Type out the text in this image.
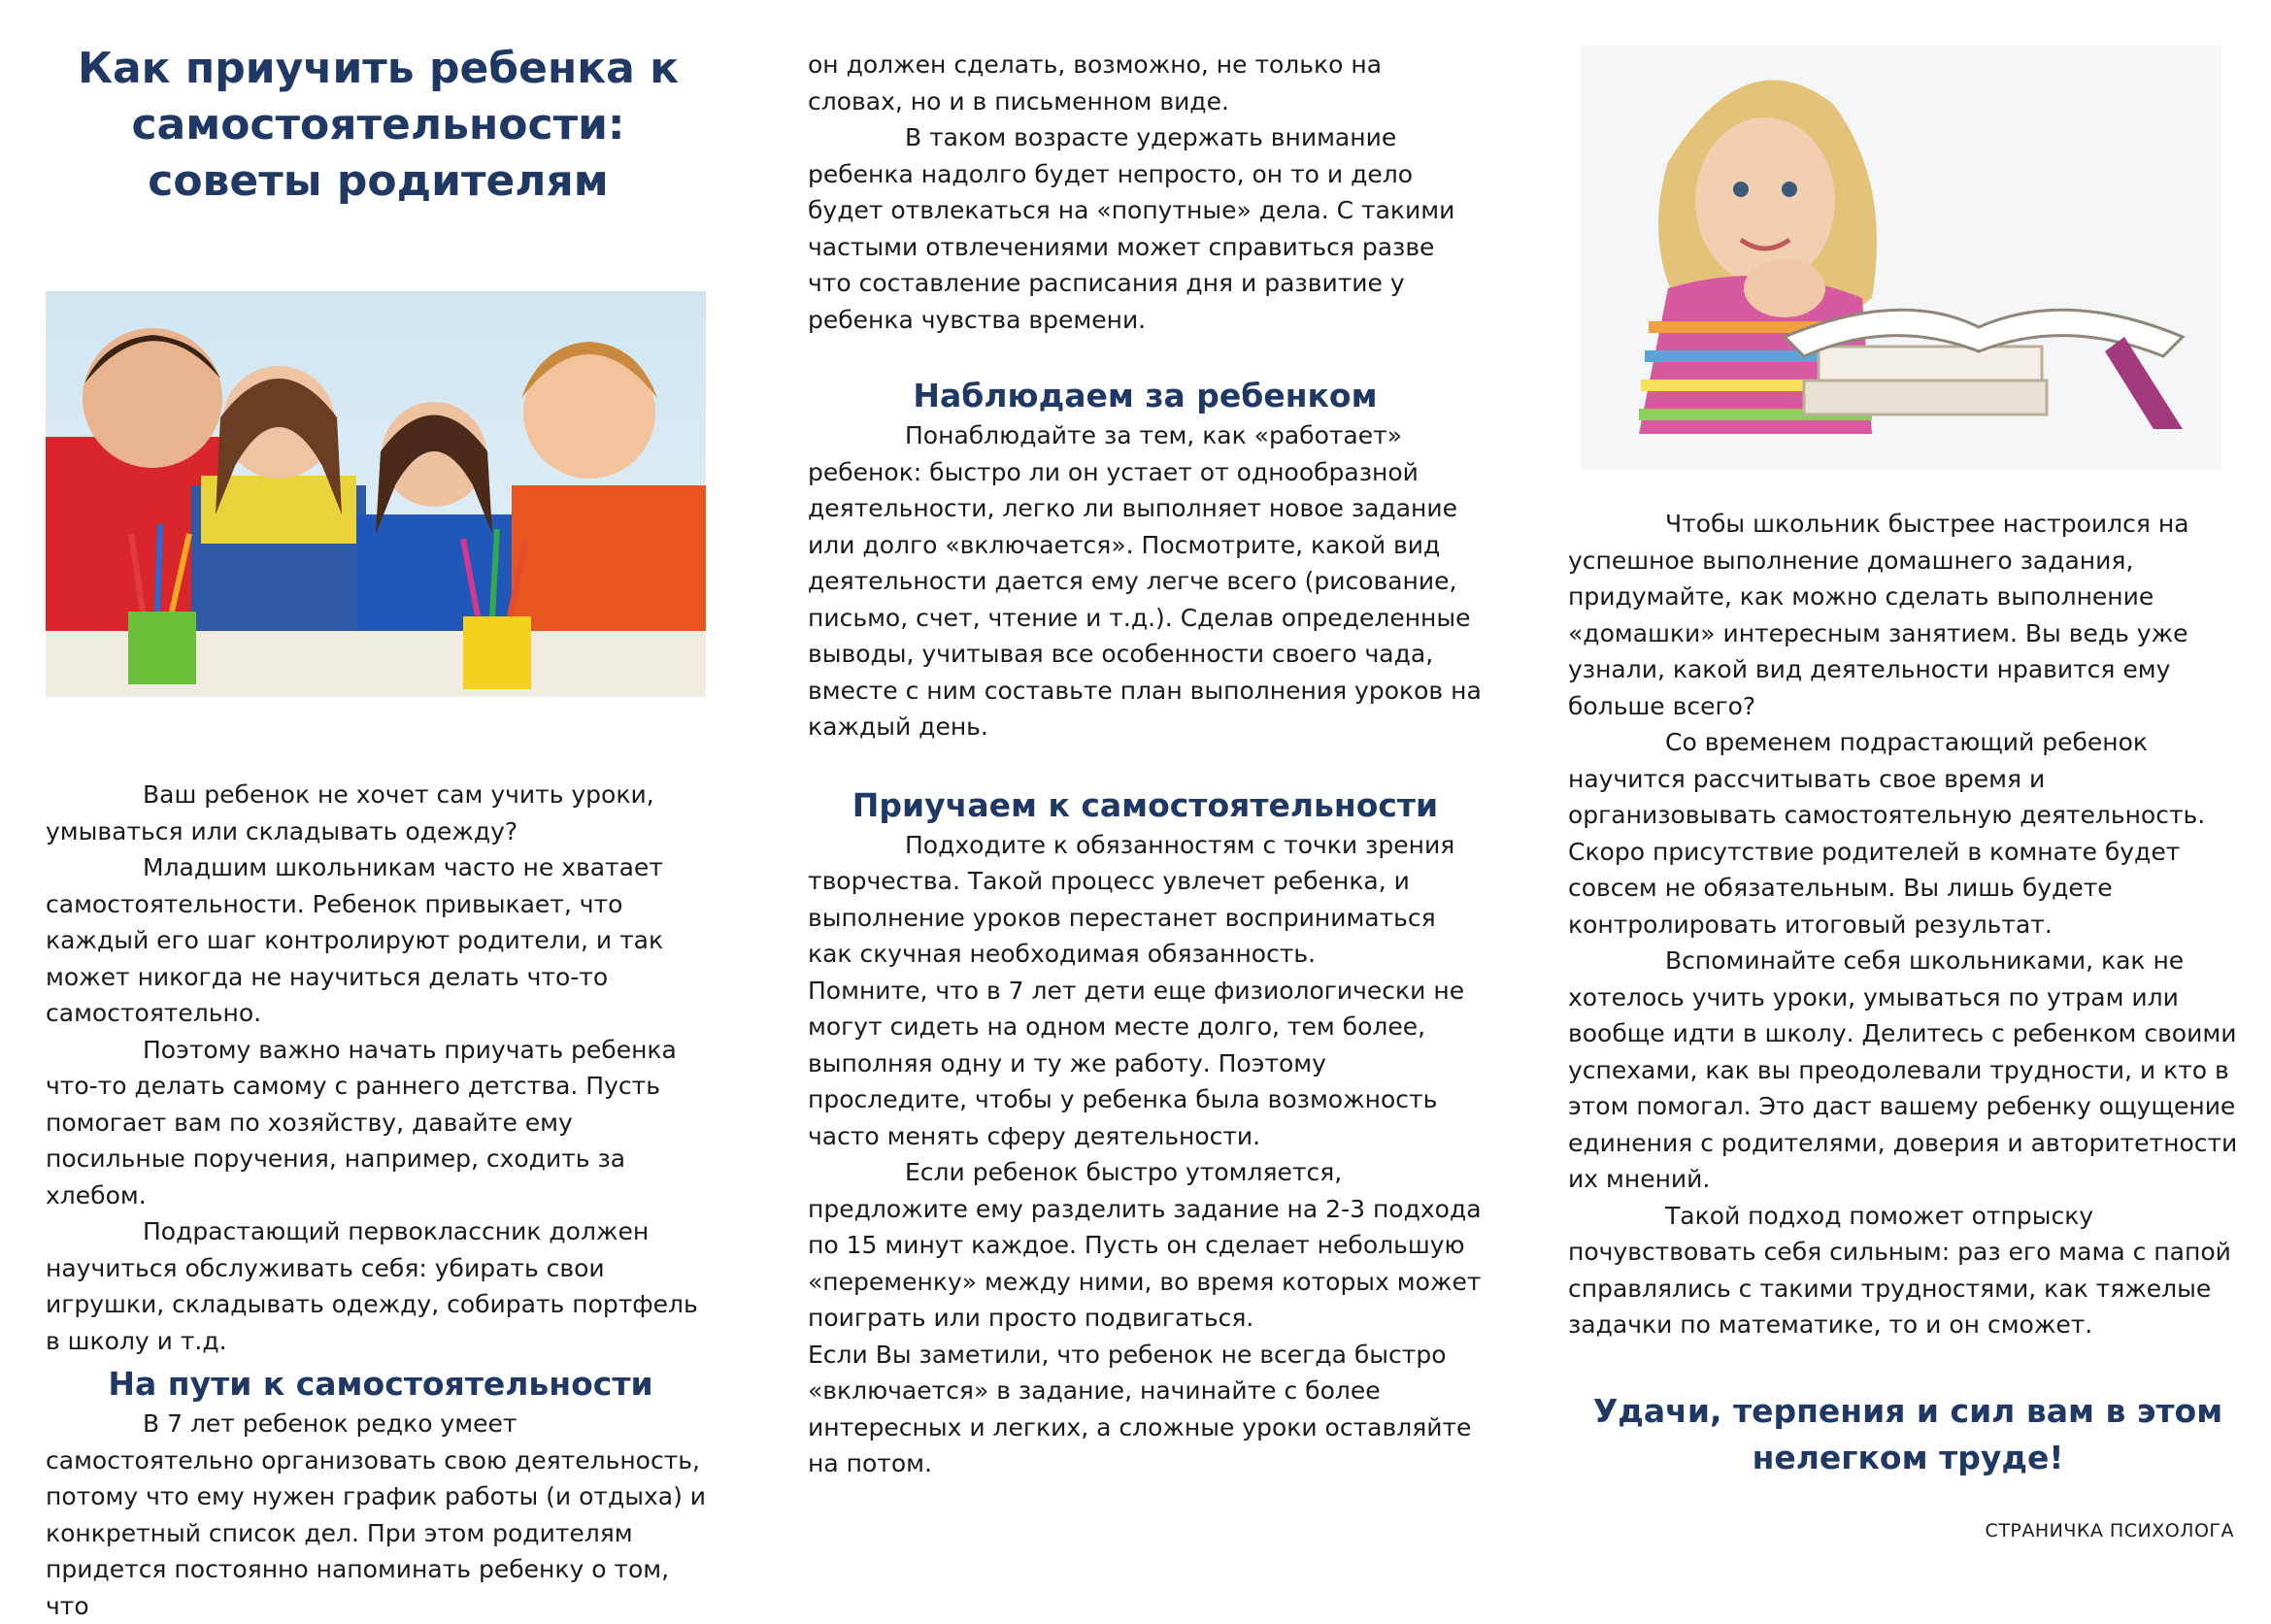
Как приучить ребенка к самостоятельности: советы родителям

Ваш ребенок не хочет сам учить уроки, умываться или складывать одежду?

Младшим школьникам часто не хватает самостоятельности. Ребенок привыкает, что каждый его шаг контролируют родители, и так может никогда не научиться делать что-то самостоятельно.

Поэтому важно начать приучать ребенка что-то делать самому с раннего детства. Пусть помогает вам по хозяйству, давайте ему посильные поручения, например, сходить за хлебом.

Подрастающий первоклассник должен научиться обслуживать себя: убирать свои игрушки, складывать одежду, собирать портфель в школу и т.д.

На пути к самостоятельности

В 7 лет ребенок редко умеет самостоятельно организовать свою деятельность, потому что ему нужен график работы (и отдыха) и конкретный список дел. При этом родителям придется постоянно напоминать ребенку о том, что

он должен сделать, возможно, не только на словах, но и в письменном виде.

В таком возрасте удержать внимание ребенка надолго будет непросто, он то и дело будет отвлекаться на «попутные» дела. С такими частыми отвлечениями может справиться разве что составление расписания дня и развитие у ребенка чувства времени.

Наблюдаем за ребенком

Понаблюдайте за тем, как «работает» ребенок: быстро ли он устает от однообразной деятельности, легко ли выполняет новое задание или долго «включается». Посмотрите, какой вид деятельности дается ему легче всего (рисование, письмо, счет, чтение и т.д.). Сделав определенные выводы, учитывая все особенности своего чада, вместе с ним составьте план выполнения уроков на каждый день.

Приучаем к самостоятельности

Подходите к обязанностям с точки зрения творчества. Такой процесс увлечет ребенка, и выполнение уроков перестанет восприниматься как скучная необходимая обязанность.

Помните, что в 7 лет дети еще физиологически не могут сидеть на одном месте долго, тем более, выполняя одну и ту же работу. Поэтому проследите, чтобы у ребенка была возможность часто менять сферу деятельности.

Если ребенок быстро утомляется, предложите ему разделить задание на 2-3 подхода по 15 минут каждое. Пусть он сделает небольшую «переменку» между ними, во время которых может поиграть или просто подвигаться.

Если Вы заметили, что ребенок не всегда быстро «включается» в задание, начинайте с более интересных и легких, а сложные уроки оставляйте на потом.

Чтобы школьник быстрее настроился на успешное выполнение домашнего задания, придумайте, как можно сделать выполнение «домашки» интересным занятием. Вы ведь уже узнали, какой вид деятельности нравится ему больше всего?

Со временем подрастающий ребенок научится рассчитывать свое время и организовывать самостоятельную деятельность. Скоро присутствие родителей в комнате будет совсем не обязательным. Вы лишь будете контролировать итоговый результат.

Вспоминайте себя школьниками, как не хотелось учить уроки, умываться по утрам или вообще идти в школу. Делитесь с ребенком своими успехами, как вы преодолевали трудности, и кто в этом помогал. Это даст вашему ребенку ощущение единения с родителями, доверия и авторитетности их мнений.

Такой подход поможет отпрыску почувствовать себя сильным: раз его мама с папой справлялись с такими трудностями, как тяжелые задачки по математике, то и он сможет.

Удачи, терпения и сил вам в этом нелегком труде!

СТРАНИЧКА ПСИХОЛОГА
